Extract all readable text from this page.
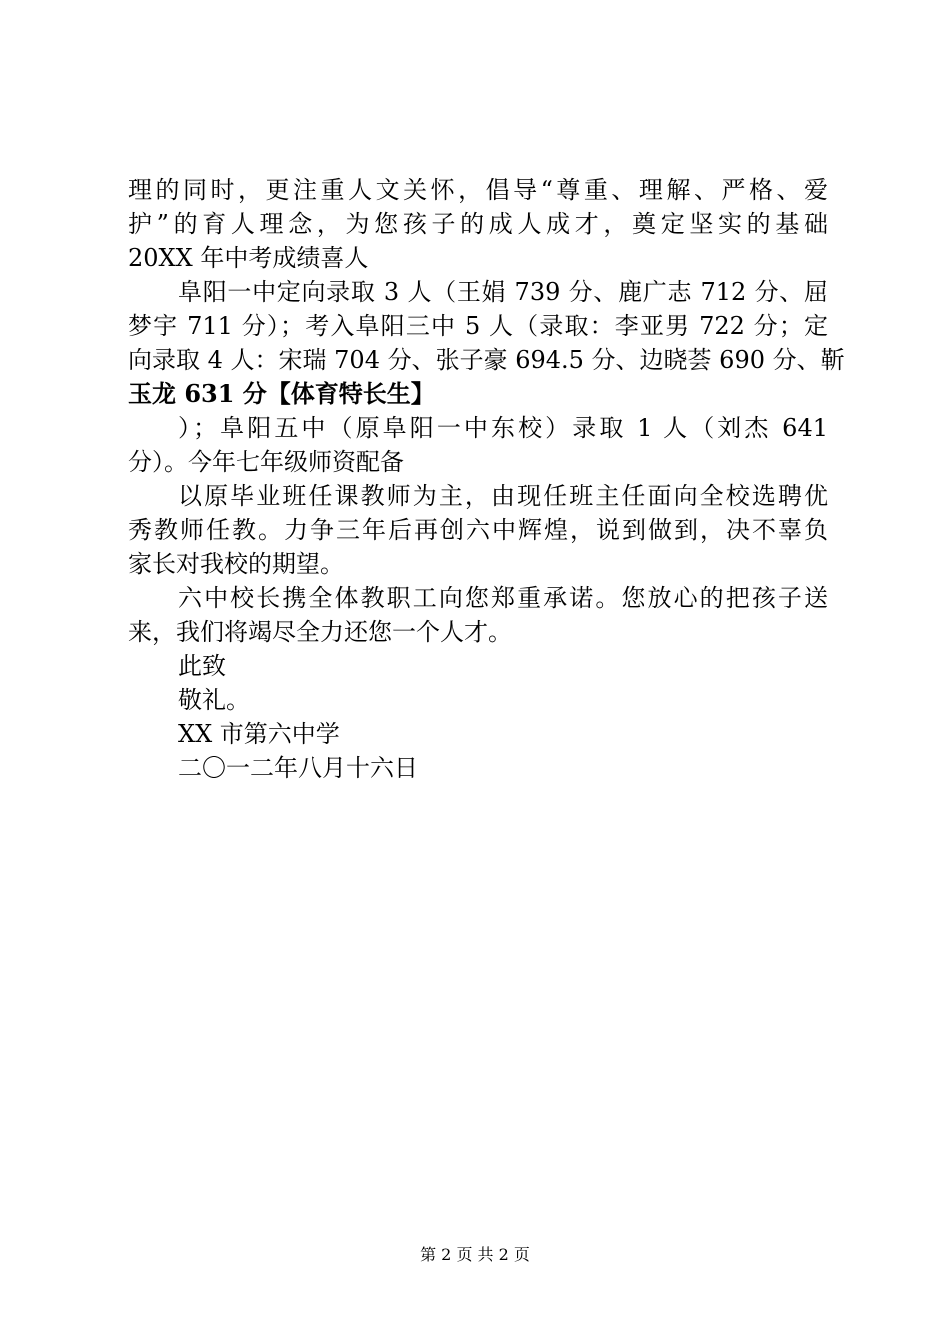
理的同时，更注重人文关怀，倡导“尊重、理解、严格、爱
护”的育人理念，为您孩子的成人成才，奠定坚实的基础
20XX 年中考成绩喜人
阜阳一中定向录取 3 人（王娟 739 分、鹿广志 712 分、屈
梦宇 711 分）；考入阜阳三中 5 人（录取：李亚男 722 分；定
向录取 4 人：宋瑞 704 分、张子豪 694.5 分、边晓荟 690 分、靳
玉龙 631 分【体育特长生】
）；阜阳五中（原阜阳一中东校）录取 1 人（刘杰 641
分）。今年七年级师资配备
以原毕业班任课教师为主，由现任班主任面向全校选聘优
秀教师任教。力争三年后再创六中辉煌，说到做到，决不辜负
家长对我校的期望。
六中校长携全体教职工向您郑重承诺。您放心的把孩子送
来，我们将竭尽全力还您一个人才。
此致
敬礼。
XX 市第六中学
二〇一二年八月十六日
第 2 页 共 2 页
